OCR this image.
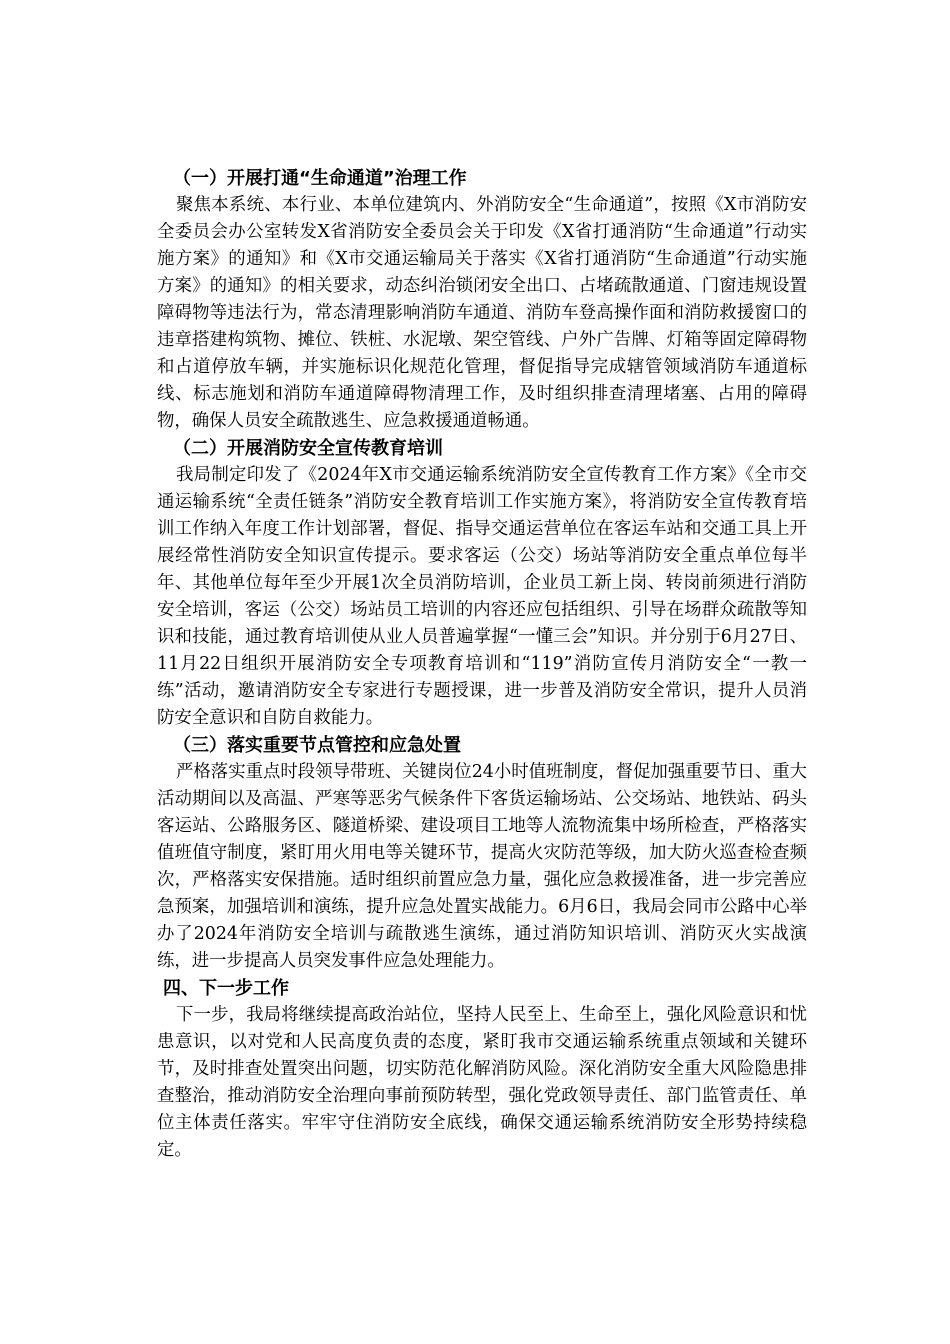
（一）开展打通“生命通道”治理工作

聚焦本系统、本行业、本单位建筑内、外消防安全“生命通道”，按照《X市消防安全委员会办公室转发X省消防安全委员会关于印发《X省打通消防“生命通道”行动实施方案》的通知》和《X市交通运输局关于落实《X省打通消防“生命通道”行动实施方案》的通知》的相关要求，动态纠治锁闭安全出口、占堵疏散通道、门窗违规设置障碍物等违法行为，常态清理影响消防车通道、消防车登高操作面和消防救援窗口的违章搭建构筑物、摊位、铁桩、水泥墩、架空管线、户外广告牌、灯箱等固定障碍物和占道停放车辆，并实施标识化规范化管理，督促指导完成辖管领域消防车通道标线、标志施划和消防车通道障碍物清理工作，及时组织排查清理堵塞、占用的障碍物，确保人员安全疏散逃生、应急救援通道畅通。

（二）开展消防安全宣传教育培训

我局制定印发了《2024年X市交通运输系统消防安全宣传教育工作方案》《全市交通运输系统“全责任链条”消防安全教育培训工作实施方案》，将消防安全宣传教育培训工作纳入年度工作计划部署，督促、指导交通运营单位在客运车站和交通工具上开展经常性消防安全知识宣传提示。要求客运（公交）场站等消防安全重点单位每半年、其他单位每年至少开展1次全员消防培训，企业员工新上岗、转岗前须进行消防安全培训，客运（公交）场站员工培训的内容还应包括组织、引导在场群众疏散等知识和技能，通过教育培训使从业人员普遍掌握“一懂三会”知识。并分别于6月27日、11月22日组织开展消防安全专项教育培训和“119”消防宣传月消防安全“一教一练”活动，邀请消防安全专家进行专题授课，进一步普及消防安全常识，提升人员消防安全意识和自防自救能力。

（三）落实重要节点管控和应急处置

严格落实重点时段领导带班、关键岗位24小时值班制度，督促加强重要节日、重大活动期间以及高温、严寒等恶劣气候条件下客货运输场站、公交场站、地铁站、码头客运站、公路服务区、隧道桥梁、建设项目工地等人流物流集中场所检查，严格落实值班值守制度，紧盯用火用电等关键环节，提高火灾防范等级，加大防火巡查检查频次，严格落实安保措施。适时组织前置应急力量，强化应急救援准备，进一步完善应急预案，加强培训和演练，提升应急处置实战能力。6月6日，我局会同市公路中心举办了2024年消防安全培训与疏散逃生演练，通过消防知识培训、消防灭火实战演练，进一步提高人员突发事件应急处理能力。

四、下一步工作

下一步，我局将继续提高政治站位，坚持人民至上、生命至上，强化风险意识和忧患意识，以对党和人民高度负责的态度，紧盯我市交通运输系统重点领域和关键环节，及时排查处置突出问题，切实防范化解消防风险。深化消防安全重大风险隐患排查整治，推动消防安全治理向事前预防转型，强化党政领导责任、部门监管责任、单位主体责任落实。牢牢守住消防安全底线，确保交通运输系统消防安全形势持续稳定。
